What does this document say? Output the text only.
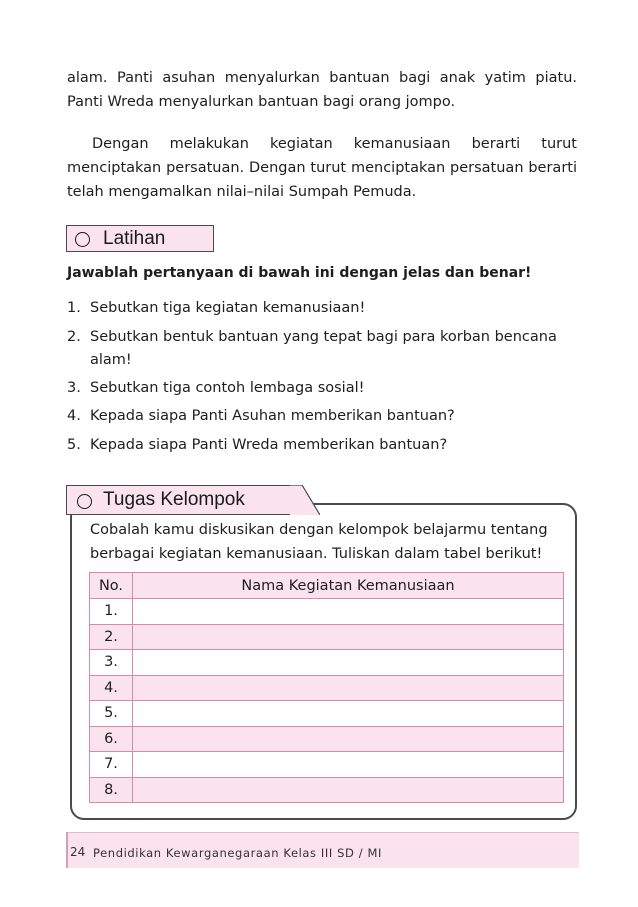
alam. Panti asuhan menyalurkan bantuan bagi anak yatim piatu. Panti Wreda menyalurkan bantuan bagi orang jompo.

Dengan melakukan kegiatan kemanusiaan berarti turut menciptakan persatuan. Dengan turut menciptakan persatuan berarti telah mengamalkan nilai–nilai Sumpah Pemuda.

Latihan
Jawablah pertanyaan di bawah ini dengan jelas dan benar!
1. Sebutkan tiga kegiatan kemanusiaan!
2. Sebutkan bentuk bantuan yang tepat bagi para korban bencana alam!
3. Sebutkan tiga contoh lembaga sosial!
4. Kepada siapa Panti Asuhan memberikan bantuan?
5. Kepada siapa Panti Wreda memberikan bantuan?
Tugas Kelompok
Cobalah kamu diskusikan dengan kelompok belajarmu tentang berbagai kegiatan kemanusiaan. Tuliskan dalam tabel berikut!
No.	Nama Kegiatan Kemanusiaan
1.	
2.	
3.	
4.	
5.	
6.	
7.	
8.	
24 Pendidikan Kewarganegaraan Kelas III SD / MI
